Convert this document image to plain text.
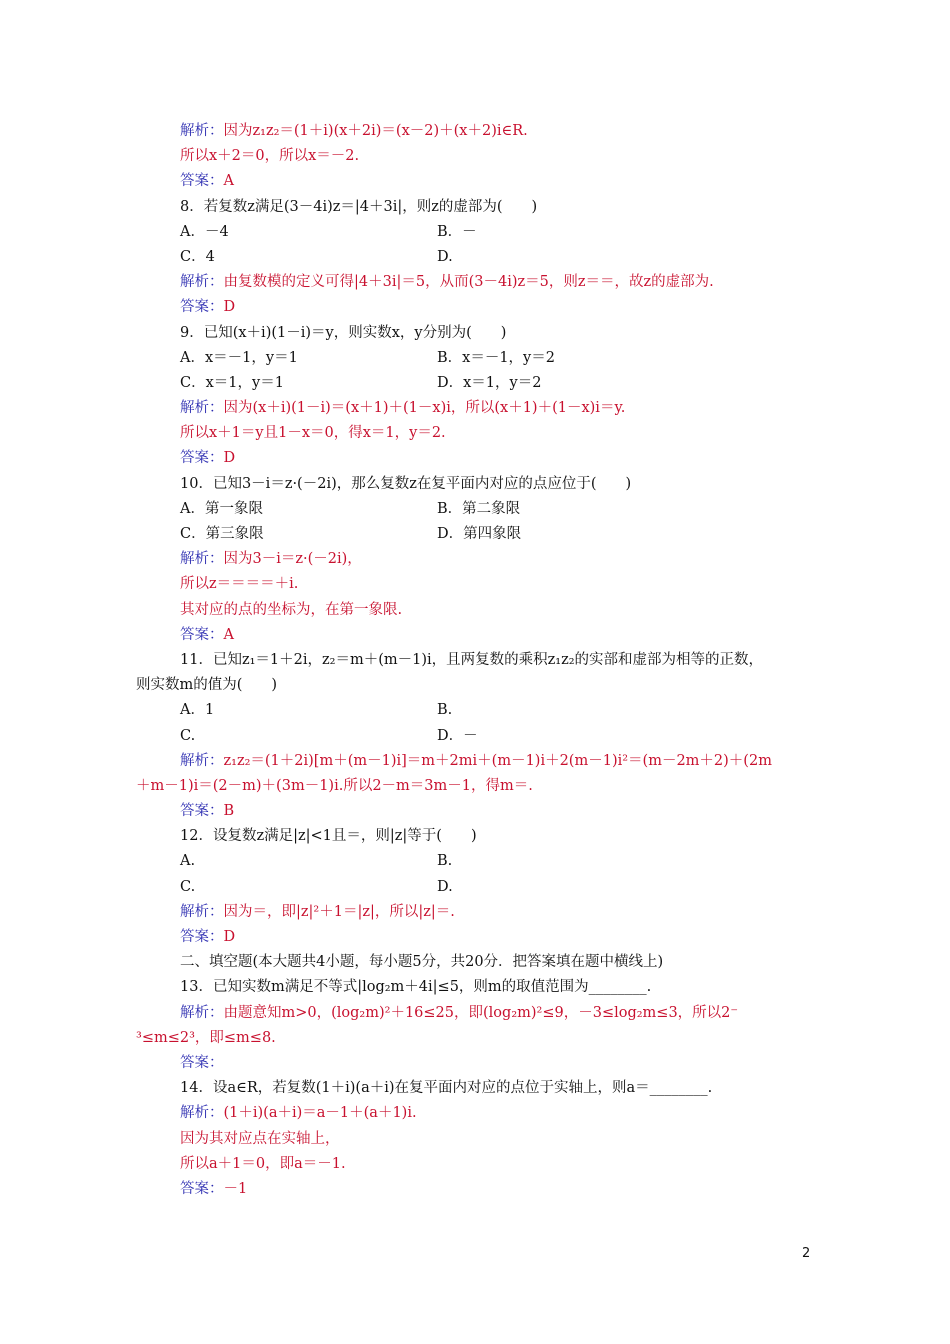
解析：因为z₁z₂＝(1＋i)(x＋2i)＝(x－2)＋(x＋2)i∈R.
所以x＋2＝0，所以x＝－2.
答案：A
8．若复数z满足(3－4i)z＝|4＋3i|，则z的虚部为(　　)
A．－4	B．－
C．4	D.
解析：由复数模的定义可得|4＋3i|＝5，从而(3－4i)z＝5，则z＝＝，故z的虚部为.
答案：D
9．已知(x＋i)(1－i)＝y，则实数x，y分别为(　　)
A．x＝－1，y＝1	B．x＝－1，y＝2
C．x＝1，y＝1	D．x＝1，y＝2
解析：因为(x＋i)(1－i)＝(x＋1)＋(1－x)i，所以(x＋1)＋(1－x)i＝y.
所以x＋1＝y且1－x＝0，得x＝1，y＝2.
答案：D
10．已知3－i＝z·(－2i)，那么复数z在复平面内对应的点应位于(　　)
A．第一象限	B．第二象限
C．第三象限	D．第四象限
解析：因为3－i＝z·(－2i)，
所以z＝＝＝＝＋i.
其对应的点的坐标为，在第一象限.
答案：A
11．已知z₁＝1＋2i，z₂＝m＋(m－1)i，且两复数的乘积z₁z₂的实部和虚部为相等的正数，
则实数m的值为(　　)
A．1	B.
C.	D．－
解析：z₁z₂＝(1＋2i)[m＋(m－1)i]＝m＋2mi＋(m－1)i＋2(m－1)i²＝(m－2m＋2)＋(2m
＋m－1)i＝(2－m)＋(3m－1)i.所以2－m＝3m－1，得m＝.
答案：B
12．设复数z满足|z|<1且＝，则|z|等于(　　)
A.	B.
C.	D.
解析：因为＝，即|z|²＋1＝|z|，所以|z|＝.
答案：D
二、填空题(本大题共4小题，每小题5分，共20分．把答案填在题中横线上)
13．已知实数m满足不等式|log₂m＋4i|≤5，则m的取值范围为________.
解析：由题意知m>0，(log₂m)²＋16≤25，即(log₂m)²≤9，－3≤log₂m≤3，所以2⁻
³≤m≤2³，即≤m≤8.
答案：
14．设a∈R，若复数(1＋i)(a＋i)在复平面内对应的点位于实轴上，则a＝________.
解析：(1＋i)(a＋i)＝a－1＋(a＋1)i.
因为其对应点在实轴上，
所以a＋1＝0，即a＝－1.
答案：－1
2
